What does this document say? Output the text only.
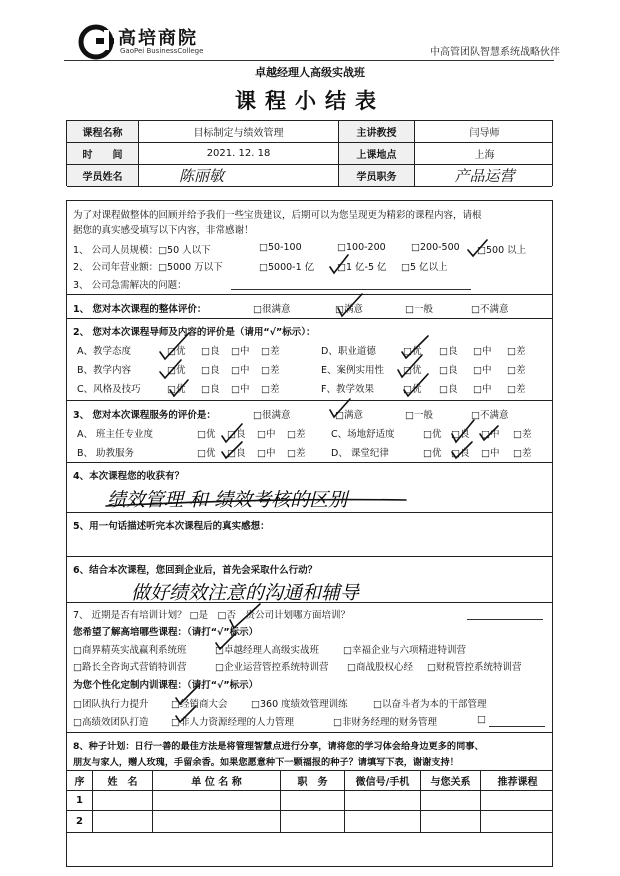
高培商院
GaoPei BusinessCollege	中高管团队智慧系统战略伙伴
卓越经理人高级实战班
课程小结表
课程名称	目标制定与绩效管理	主讲教授	闫导师
时　　间	2021. 12. 18	上课地点	上海
学员姓名	陈丽敏	学员职务	产品运营
为了对课程做整体的回顾并给予我们一些宝贵建议，后期可以为您呈现更为精彩的课程内容，请根
据您的真实感受填写以下内容，非常感谢！
1、 公司人员规模：□50 人以下	□50-100	□100-200	□200-500 □500 以上
2、 公司年营业额：□5000 万以下	□5000-1 亿 □1 亿-5 亿 □5 亿以上
3、 公司急需解决的问题：
1、 您对本次课程的整体评价：	□很满意	□满意	□一般	□不满意
2、 您对本次课程导师及内容的评价是（请用“√”标示）：
A、教学态度	□优 □良 □中 □差	D、职业道德	□优 □良 □中 □差
B、教学内容	□优 □良 □中 □差	E、案例实用性 □优 □良 □中 □差
C、风格及技巧	□优 □良 □中 □差	F、教学效果	□优 □良 □中 □差
3、 您对本次课程服务的评价是：	□很满意	□满意	□一般	□不满意
A、 班主任专业度	□优 □良 □中 □差	C、场地舒适度	□优 □良 □中 □差
B、 助教服务	□优 □良 □中 □差	D、 课堂纪律	□优 □良 □中 □差
4、本次课程您的收获有？
绩效管理 和 绩效考核的区别
5、用一句话描述听完本次课程后的真实感想：
6、结合本次课程，您回到企业后，首先会采取什么行动？
做好绩效注意的沟通和辅导
7、 近期是否有培训计划？ □是　□否　贵公司计划哪方面培训？
您希望了解高培哪些课程：（请打“√”标示）
□商界精英实战赢利系统班	□卓越经理人高级实战班	□幸福企业与六项精进特训营
□路长全咨询式营销特训营	□企业运营管控系统特训营 □商战股权心经 □财税管控系统特训营
为您个性化定制内训课程：（请打“√”标示）
□团队执行力提升 □经销商大会 □360 度绩效管理训练	□以奋斗者为本的干部管理
□高绩效团队打造 □非人力资源经理的人力管理	□非财务经理的财务管理	□
8、种子计划：日行一善的最佳方法是将管理智慧点进行分享，请将您的学习体会给身边更多的同事、
朋友与家人，赠人玫瑰，手留余香。如果您愿意种下一颗福报的种子？请填写下表，谢谢支持！
序	姓　名	单 位 名 称	职　务	微信号/手机	与您关系	推荐课程
1
2
